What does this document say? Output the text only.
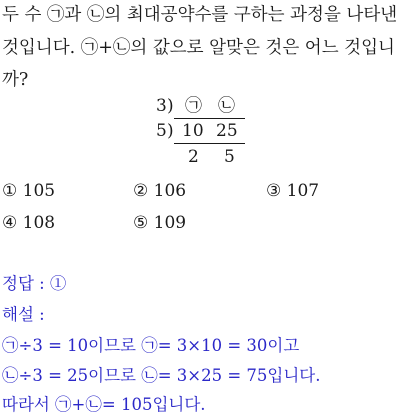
두 수 ㉠과 ㉡의 최대공약수를 구하는 과정을 나타낸
것입니다. ㉠+㉡의 값으로 알맞은 것은 어느 것입니
까?
3 ) ㉠ ㉡
5 ) 10 25
2 5
① 105	② 106	③ 107
④ 108	⑤ 109
정답 : ①
해설 :
㉠÷3 = 10이므로 ㉠= 3×10 = 30이고
㉡÷3 = 25이므로 ㉡= 3×25 = 75입니다.
따라서 ㉠+㉡= 105입니다.
